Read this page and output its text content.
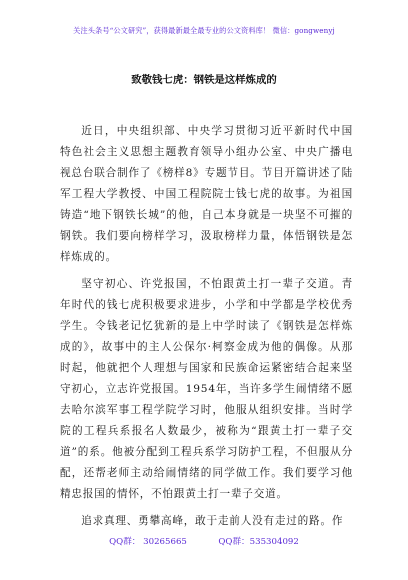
关注头条号“公文研究”，获得最新最全最专业的公文资料库！ 微信：gongwenyj
致敬钱七虎：钢铁是这样炼成的

近日，中央组织部、中央学习贯彻习近平新时代中国特色社会主义思想主题教育领导小组办公室、中央广播电视总台联合制作了《榜样8》专题节目。节目开篇讲述了陆军工程大学教授、中国工程院院士钱七虎的故事。为祖国铸造“地下钢铁长城”的他，自己本身就是一块坚不可摧的钢铁。我们要向榜样学习，汲取榜样力量，体悟钢铁是怎样炼成的。

坚守初心、许党报国，不怕跟黄土打一辈子交道。青年时代的钱七虎积极要求进步，小学和中学都是学校优秀学生。令钱老记忆犹新的是上中学时读了《钢铁是怎样炼成的》，故事中的主人公保尔·柯察金成为他的偶像。从那时起，他就把个人理想与国家和民族命运紧密结合起来坚守初心，立志许党报国。1954年，当许多学生闹情绪不愿去哈尔滨军事工程学院学习时，他服从组织安排。当时学院的工程兵系报名人数最少，被称为“跟黄土打一辈子交道”的系。他被分配到工程兵系学习防护工程，不但服从分配，还帮老师主动给闹情绪的同学做工作。我们要学习他精忠报国的情怀，不怕跟黄土打一辈子交道。

追求真理、勇攀高峰，敢于走前人没有走过的路。作

QQ群： 30265665	QQ群：535304092
